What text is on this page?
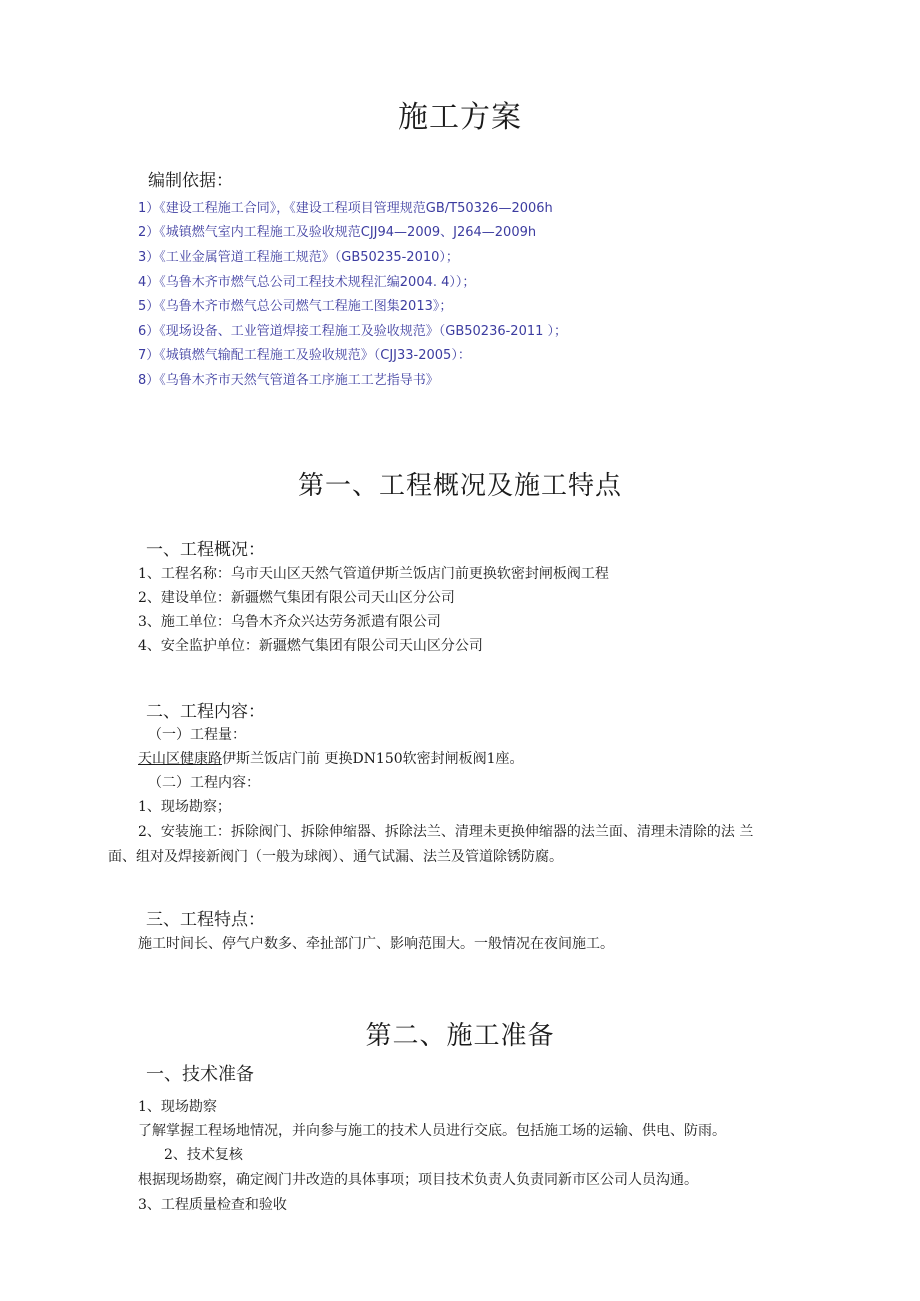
施工方案
编制依据：
1）《建设工程施工合同》，《建设工程项目管理规范GB/T50326—2006h
2）《城镇燃气室内工程施工及验收规范CJJ94—2009、J264—2009h
3）《工业金属管道工程施工规范》（GB50235-2010）；
4）《乌鲁木齐市燃气总公司工程技术规程汇编2004. 4））；
5）《乌鲁木齐市燃气总公司燃气工程施工图集2013》；
6）《现场设备、工业管道焊接工程施工及验收规范》（GB50236-2011 ）；
7）《城镇燃气输配工程施工及验收规范》（CJJ33-2005）：
8）《乌鲁木齐市天然气管道各工序施工工艺指导书》
第一、工程概况及施工特点
一、工程概况：
1、工程名称：乌市天山区天然气管道伊斯兰饭店门前更换软密封闸板阀工程
2、建设单位：新疆燃气集团有限公司天山区分公司
3、施工单位：乌鲁木齐众兴达劳务派遣有限公司
4、安全监护单位：新疆燃气集团有限公司天山区分公司
二、工程内容：
（一）工程量：
天山区健康路伊斯兰饭店门前 更换DN150软密封闸板阀1座。
（二）工程内容：
1、现场勘察；
2、安装施工：拆除阀门、拆除伸缩器、拆除法兰、清理未更换伸缩器的法兰面、清理未清除的法 兰
面、组对及焊接新阀门（一般为球阀）、通气试漏、法兰及管道除锈防腐。
三、工程特点：
施工时间长、停气户数多、牵扯部门广、影响范围大。一般情况在夜间施工。
第二、施工准备
一、技术准备
1、现场勘察
了解掌握工程场地情况，并向参与施工的技术人员进行交底。包括施工场的运输、供电、防雨。
2、技术复核
根据现场勘察，确定阀门井改造的具体事项；项目技术负责人负责同新市区公司人员沟通。
3、工程质量检查和验收
